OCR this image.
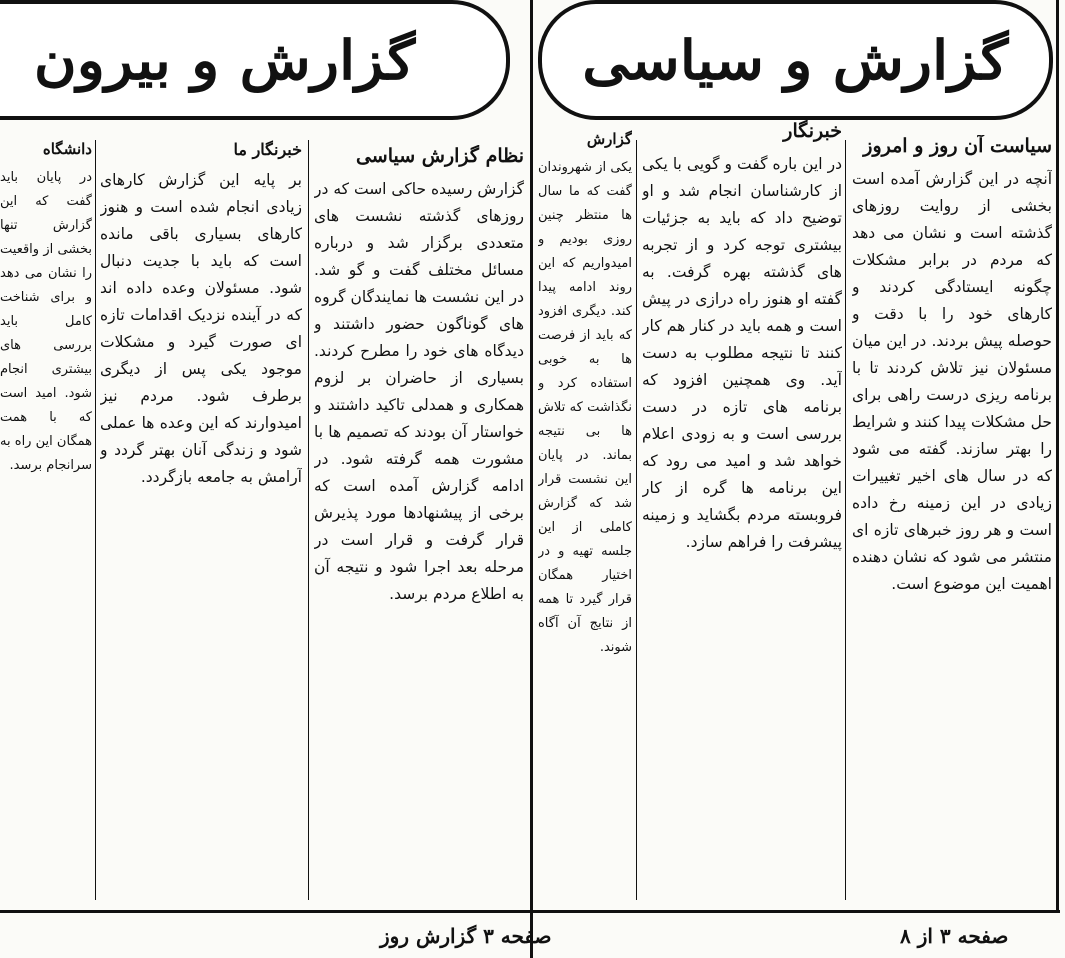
گزارش و سیاسی
گزارش و بیرون
سیاست آن روز و امروز

آنچه در این گزارش آمده است بخشی از روایت روزهای گذشته است و نشان می دهد که مردم در برابر مشکلات چگونه ایستادگی کردند و کارهای خود را با دقت و حوصله پیش بردند. در این میان مسئولان نیز تلاش کردند تا با برنامه ریزی درست راهی برای حل مشکلات پیدا کنند و شرایط را بهتر سازند. گفته می شود که در سال های اخیر تغییرات زیادی در این زمینه رخ داده است و هر روز خبرهای تازه ای منتشر می شود که نشان دهنده اهمیت این موضوع است.

خبرنگار

در این باره گفت و گویی با یکی از کارشناسان انجام شد و او توضیح داد که باید به جزئیات بیشتری توجه کرد و از تجربه های گذشته بهره گرفت. به گفته او هنوز راه درازی در پیش است و همه باید در کنار هم کار کنند تا نتیجه مطلوب به دست آید. وی همچنین افزود که برنامه های تازه در دست بررسی است و به زودی اعلام خواهد شد و امید می رود که این برنامه ها گره از کار فروبسته مردم بگشاید و زمینه پیشرفت را فراهم سازد.

گزارش

یکی از شهروندان گفت که ما سال ها منتظر چنین روزی بودیم و امیدواریم که این روند ادامه پیدا کند. دیگری افزود که باید از فرصت ها به خوبی استفاده کرد و نگذاشت که تلاش ها بی نتیجه بماند. در پایان این نشست قرار شد که گزارش کاملی از این جلسه تهیه و در اختیار همگان قرار گیرد تا همه از نتایج آن آگاه شوند.

نظام گزارش سیاسی

گزارش رسیده حاکی است که در روزهای گذشته نشست های متعددی برگزار شد و درباره مسائل مختلف گفت و گو شد. در این نشست ها نمایندگان گروه های گوناگون حضور داشتند و دیدگاه های خود را مطرح کردند. بسیاری از حاضران بر لزوم همکاری و همدلی تاکید داشتند و خواستار آن بودند که تصمیم ها با مشورت همه گرفته شود. در ادامه گزارش آمده است که برخی از پیشنهادها مورد پذیرش قرار گرفت و قرار است در مرحله بعد اجرا شود و نتیجه آن به اطلاع مردم برسد.

خبرنگار ما

بر پایه این گزارش کارهای زیادی انجام شده است و هنوز کارهای بسیاری باقی مانده است که باید با جدیت دنبال شود. مسئولان وعده داده اند که در آینده نزدیک اقدامات تازه ای صورت گیرد و مشکلات موجود یکی پس از دیگری برطرف شود. مردم نیز امیدوارند که این وعده ها عملی شود و زندگی آنان بهتر گردد و آرامش به جامعه بازگردد.

دانشگاه

در پایان باید گفت که این گزارش تنها بخشی از واقعیت را نشان می دهد و برای شناخت کامل باید بررسی های بیشتری انجام شود. امید است که با همت همگان این راه به سرانجام برسد.

صفحه ۳ از ۸
صفحه ۳ گزارش روز
